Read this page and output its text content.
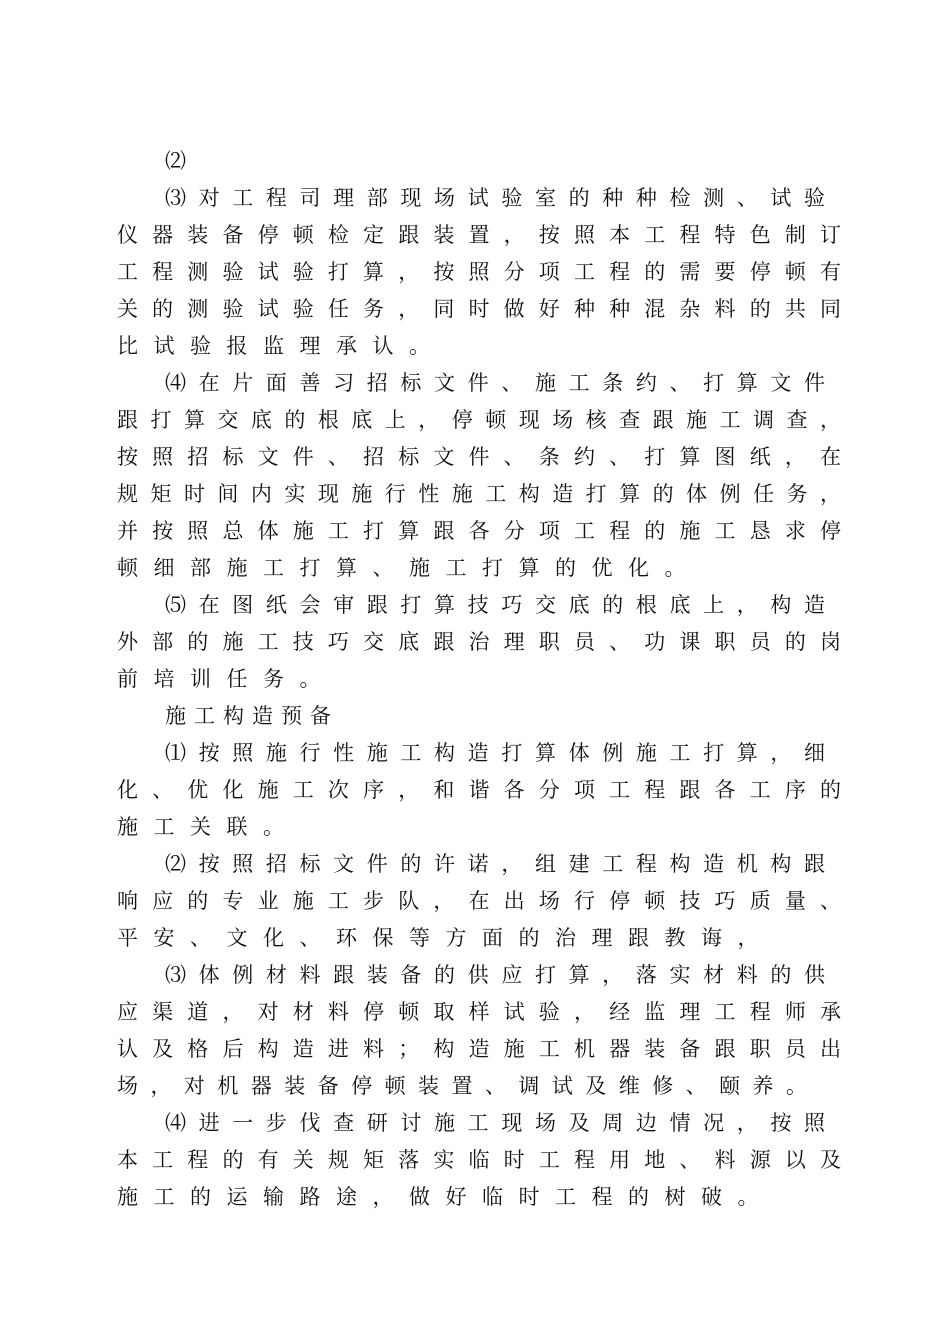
⑵
⑶对工程司理部现场试验室的种种检测、试验
仪器装备停顿检定跟装置，按照本工程特色制订
工程测验试验打算，按照分项工程的需要停顿有
关的测验试验任务，同时做好种种混杂料的共同
比试验报监理承认。
⑷在片面善习招标文件、施工条约、打算文件
跟打算交底的根底上，停顿现场核查跟施工调查，
按照招标文件、招标文件、条约、打算图纸，在
规矩时间内实现施行性施工构造打算的体例任务，
并按照总体施工打算跟各分项工程的施工恳求停
顿细部施工打算、施工打算的优化。
⑸在图纸会审跟打算技巧交底的根底上，构造
外部的施工技巧交底跟治理职员、功课职员的岗
前培训任务。
施工构造预备
⑴按照施行性施工构造打算体例施工打算，细
化、优化施工次序，和谐各分项工程跟各工序的
施工关联。
⑵按照招标文件的许诺，组建工程构造机构跟
响应的专业施工步队，在出场行停顿技巧质量、
平安、文化、环保等方面的治理跟教诲，
⑶体例材料跟装备的供应打算，落实材料的供
应渠道，对材料停顿取样试验，经监理工程师承
认及格后构造进料；构造施工机器装备跟职员出
场，对机器装备停顿装置、调试及维修、颐养。
⑷进一步伐查研讨施工现场及周边情况，按照
本工程的有关规矩落实临时工程用地、料源以及
施工的运输路途，做好临时工程的树破。
